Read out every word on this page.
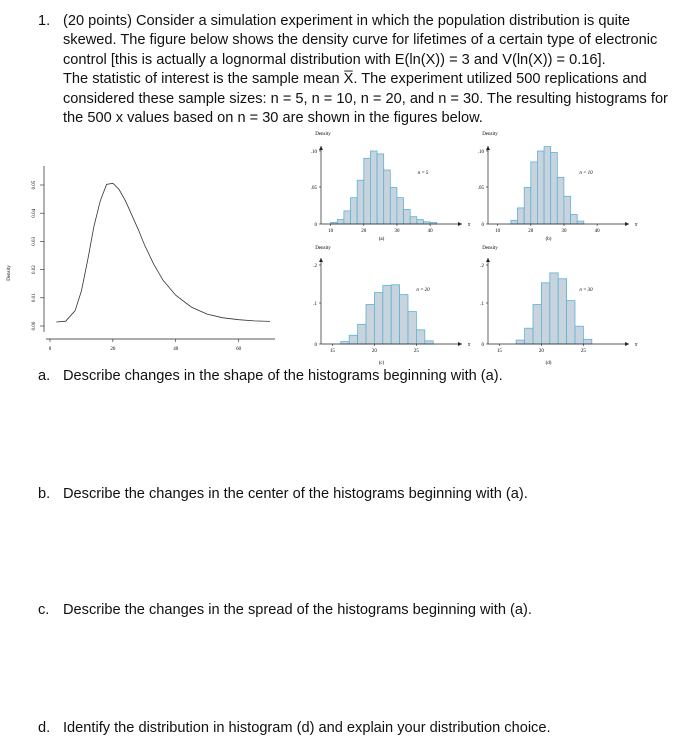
1. (20 points) Consider a simulation experiment in which the population distribution is quite
skewed. The figure below shows the density curve for lifetimes of a certain type of electronic
control [this is actually a lognormal distribution with E(ln(X)) = 3 and V(ln(X)) = 0.16].
The statistic of interest is the sample mean X̅. The experiment utilized 500 replications and
considered these sample sizes: n = 5, n = 10, n = 20, and n = 30. The resulting histograms for
the 500 x values based on n = 30 are shown in the figures below.
Density
0.00
0.01
0.02
0.03
0.04
0.05
0	20	40	60
x̅
Density
0
.05
.10
10	20	30	40
(a)
n = 5
x̅
Density
0
.05
.10
10	20	30	40
(b)
n = 10
x̅
Density
0
.1
.2
15	20	25
(c)
n = 20
x̅
Density
0
.1
.2
15	20	25
(d)
n = 30
a. Describe changes in the shape of the histograms beginning with (a).
b. Describe the changes in the center of the histograms beginning with (a).
c. Describe the changes in the spread of the histograms beginning with (a).
d. Identify the distribution in histogram (d) and explain your distribution choice.
